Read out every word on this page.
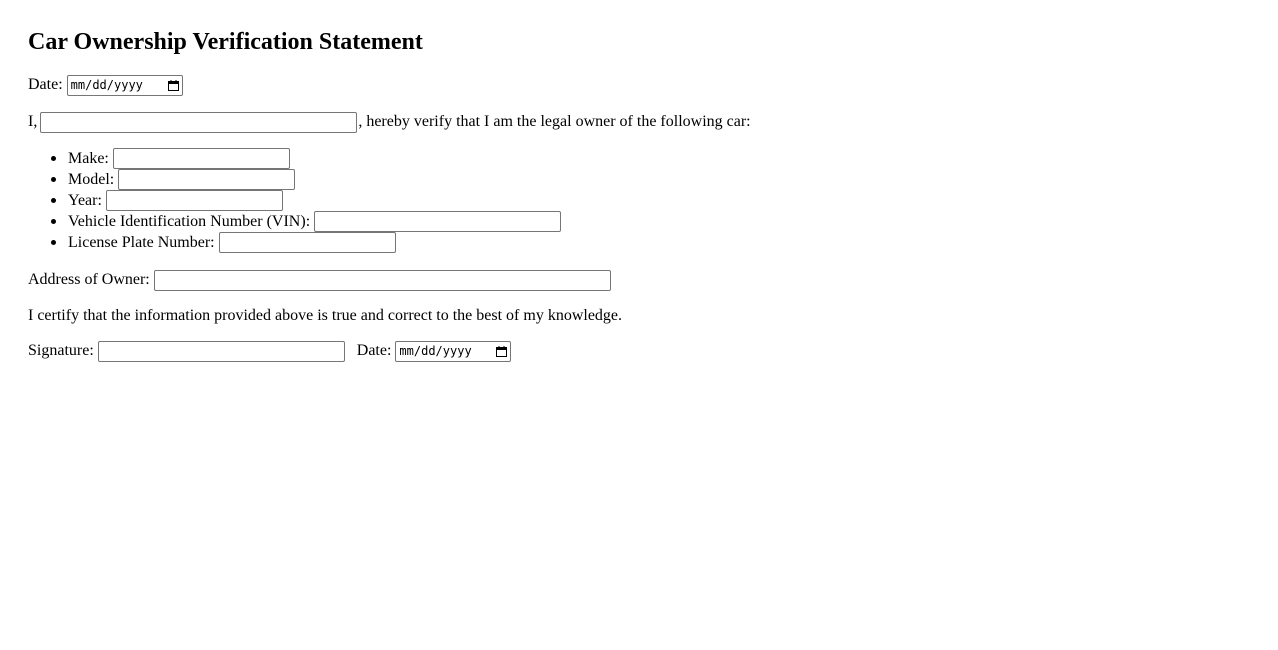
Car Ownership Verification Statement
Date: mm/dd/yyyy
I,	, hereby verify that I am the legal owner of the following car:
Make:
Model:
Year:
Vehicle Identification Number (VIN):
License Plate Number:
Address of Owner:
I certify that the information provided above is true and correct to the best of my knowledge.
Signature:	Date: mm/dd/yyyy
